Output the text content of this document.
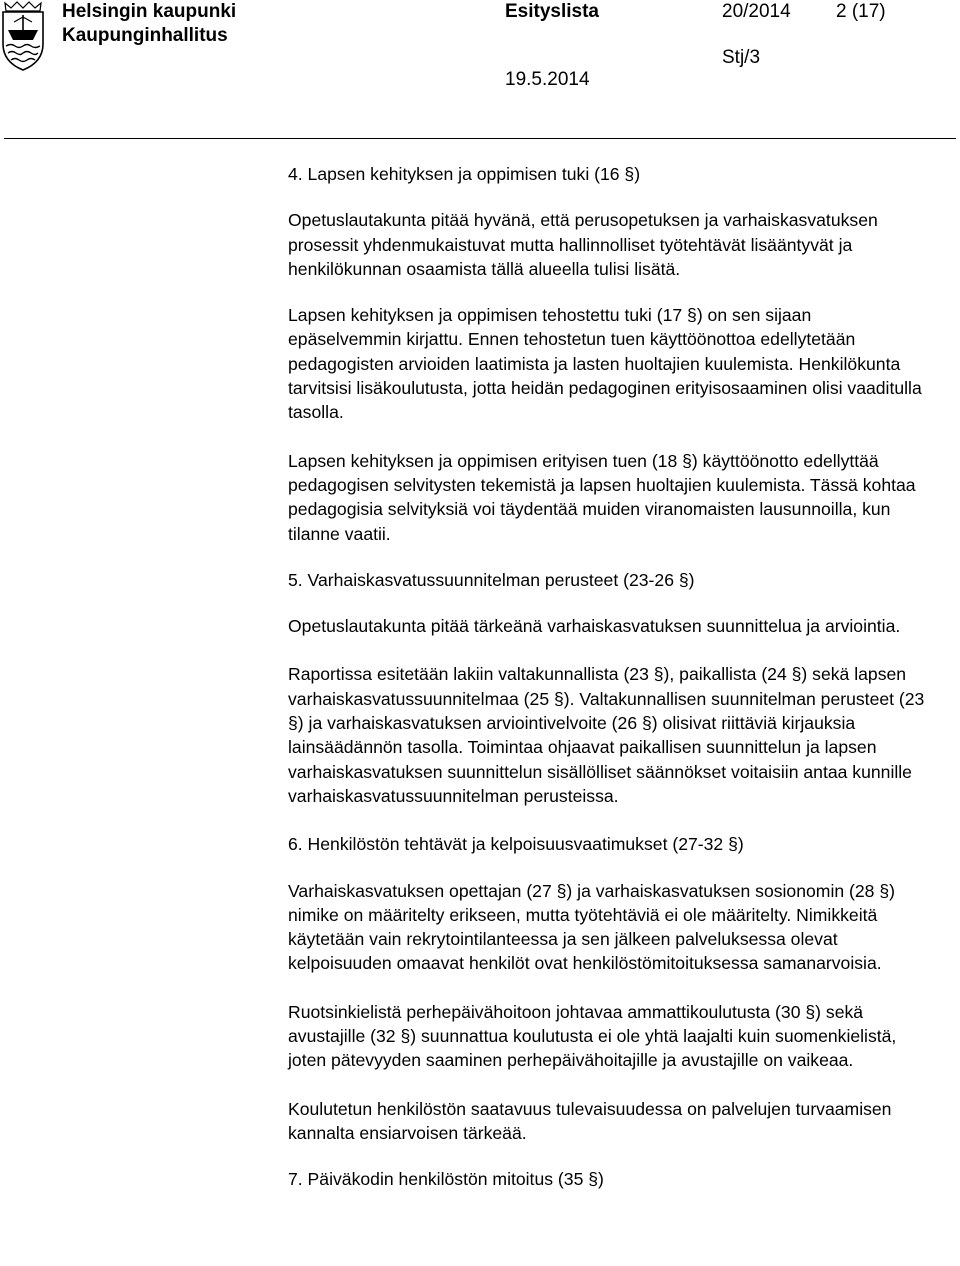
Helsingin kaupunki
Kaupunginhallitus
Esityslista	20/2014 2 (17)
Stj/3
19.5.2014

4. Lapsen kehityksen ja oppimisen tuki (16 §)

Opetuslautakunta pitää hyvänä, että perusopetuksen ja varhaiskasvatuksen prosessit yhdenmukaistuvat mutta hallinnolliset työtehtävät lisääntyvät ja henkilökunnan osaamista tällä alueella tulisi lisätä.

Lapsen kehityksen ja oppimisen tehostettu tuki (17 §) on sen sijaan epäselvemmin kirjattu. Ennen tehostetun tuen käyttöönottoa edellytetään pedagogisten arvioiden laatimista ja lasten huoltajien kuulemista. Henkilökunta tarvitsisi lisäkoulutusta, jotta heidän pedagoginen erityisosaaminen olisi vaaditulla tasolla.

Lapsen kehityksen ja oppimisen erityisen tuen (18 §) käyttöönotto edellyttää pedagogisen selvitysten tekemistä ja lapsen huoltajien kuulemista. Tässä kohtaa pedagogisia selvityksiä voi täydentää muiden viranomaisten lausunnoilla, kun tilanne vaatii.

5. Varhaiskasvatussuunnitelman perusteet (23-26 §)

Opetuslautakunta pitää tärkeänä varhaiskasvatuksen suunnittelua ja arviointia.

Raportissa esitetään lakiin valtakunnallista (23 §), paikallista (24 §) sekä lapsen varhaiskasvatussuunnitelmaa (25 §). Valtakunnallisen suunnitelman perusteet (23 §) ja varhaiskasvatuksen arviointivelvoite (26 §) olisivat riittäviä kirjauksia lainsäädännön tasolla. Toimintaa ohjaavat paikallisen suunnittelun ja lapsen varhaiskasvatuksen suunnittelun sisällölliset säännökset voitaisiin antaa kunnille varhaiskasvatussuunnitelman perusteissa.

6. Henkilöstön tehtävät ja kelpoisuusvaatimukset (27-32 §)

Varhaiskasvatuksen opettajan (27 §) ja varhaiskasvatuksen sosionomin (28 §) nimike on määritelty erikseen, mutta työtehtäviä ei ole määritelty. Nimikkeitä käytetään vain rekrytointilanteessa ja sen jälkeen palveluksessa olevat kelpoisuuden omaavat henkilöt ovat henkilöstömitoituksessa samanarvoisia.

Ruotsinkielistä perhepäivähoitoon johtavaa ammattikoulutusta (30 §) sekä avustajille (32 §) suunnattua koulutusta ei ole yhtä laajalti kuin suomenkielistä, joten pätevyyden saaminen perhepäivähoitajille ja avustajille on vaikeaa.

Koulutetun henkilöstön saatavuus tulevaisuudessa on palvelujen turvaamisen kannalta ensiarvoisen tärkeää.

7. Päiväkodin henkilöstön mitoitus (35 §)
